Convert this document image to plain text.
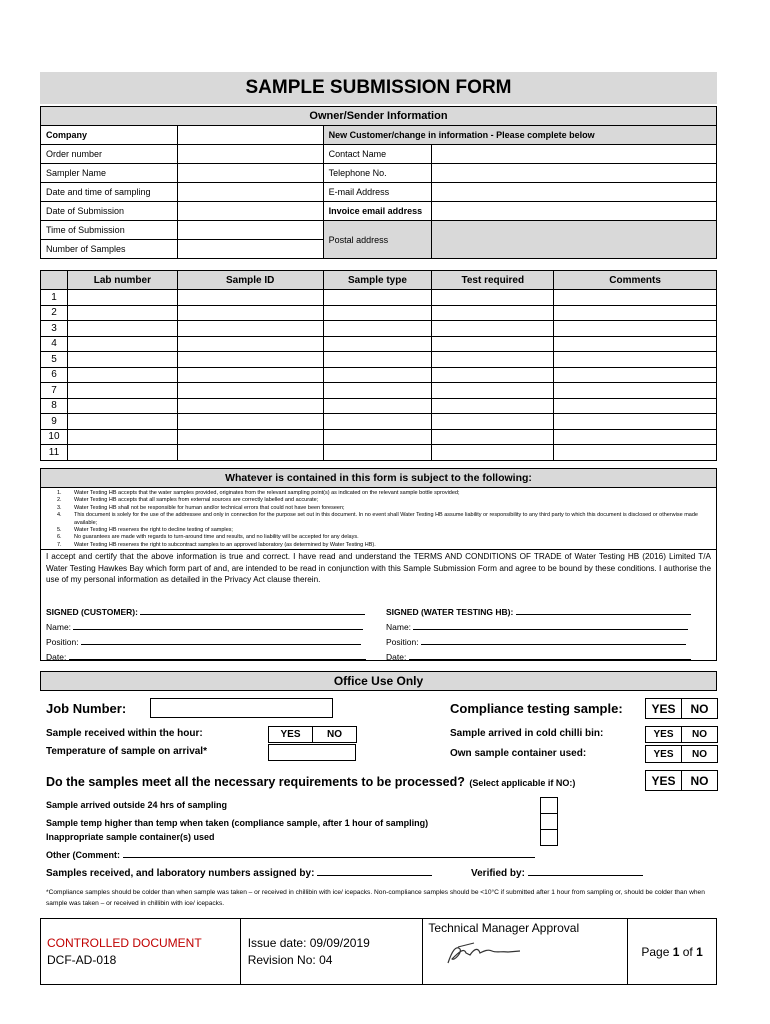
SAMPLE SUBMISSION FORM
Owner/Sender Information			
Company		New Customer/change in information - Please complete below	
Order number		Contact Name	
Sampler Name		Telephone No.	
Date and time of sampling		E-mail Address	
Date of Submission		Invoice email address	
Time of Submission		Postal address	
Number of Samples			
	Lab number	Sample ID	Sample type	Test required	Comments
1					
2					
3					
4					
5					
6					
7					
8					
9					
10					
11					
Whatever is contained in this form is subject to the following:
1.	Water Testing HB accepts that the water samples provided, originates from the relevant sampling point(s) as indicated on the relevant sample bottle sprovided;
2.	Water Testing HB accepts that all samples from external sources are correctly labelled and accurate;
3.	Water Testing HB shall not be responsible for human and/or technical errors that could not have been foreseen;
4.	This document is solely for the use of the addressee and only in connection for the purpose set out in this document. In no event shall Water Testing HB assume liability or responsibility to any third party to which this document is disclosed or otherwise made available;
5.	Water Testing HB reserves the right to decline testing of samples;
6.	No guarantees are made with regards to turn-around time and results, and no liability will be accepted for any delays.
7.	Water Testing HB reserves the right to subcontract samples to an approved laboratory (as determined by Water Testing HB).
I accept and certify that the above information is true and correct. I have read and understand the TERMS AND CONDITIONS OF TRADE of Water Testing HB (2016) Limited T/A Water Testing Hawkes Bay which form part of and, are intended to be read in conjunction with this Sample Submission Form and agree to be bound by these conditions. I authorise the use of my personal information as detailed in the Privacy Act clause therein.
SIGNED (CUSTOMER):
Name:
Position:
Date:
SIGNED (WATER TESTING HB):
Name:
Position:
Date:
Office Use Only
Job Number:	Compliance testing sample: YES	NO
Sample received within the hour:	YES	NO
Temperature of sample on arrival*
Sample arrived in cold chilli bin:	YES	NO
Own sample container used:	YES	NO
Do the samples meet all the necessary requirements to be processed? (Select applicable if NO:)	YES	NO
Sample arrived outside 24 hrs of sampling
Sample temp higher than temp when taken (compliance sample, after 1 hour of sampling)
Inappropriate sample container(s) used
Other (Comment:
Samples received, and laboratory numbers assigned by:	Verified by:
*Compliance samples should be colder than when sample was taken – or received in chillibin with ice/ icepacks. Non-compliance samples should be <10°C if submitted after 1 hour from sampling or, should be colder than when sample was taken – or received in chillibin with ice/ icepacks.
CONTROLLED DOCUMENT
DCF-AD-018

Issue date: 09/09/2019
Revision No: 04

Technical Manager Approval
	Page 1 of 1
